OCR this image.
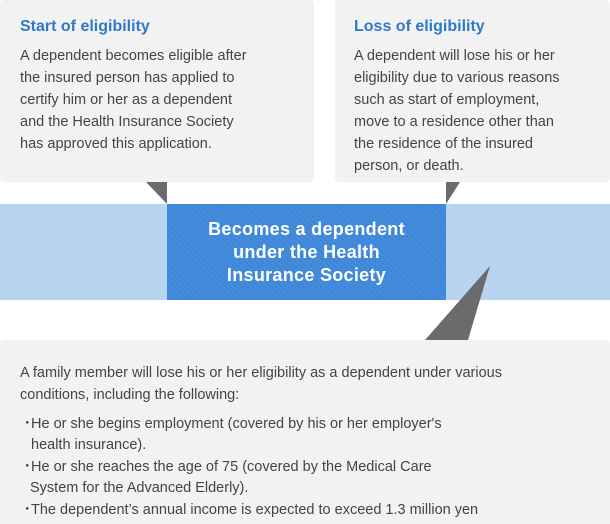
Start of eligibility
A dependent becomes eligible after
the insured person has applied to
certify him or her as a dependent
and the Health Insurance Society
has approved this application.
Loss of eligibility
A dependent will lose his or her
eligibility due to various reasons
such as start of employment,
move to a residence other than
the residence of the insured
person, or death.
Becomes a dependent
under the Health
Insurance Society
A family member will lose his or her eligibility as a dependent under various
conditions, including the following:
・
He or she begins employment (covered by his or her employer's
health insurance).
・
He or she reaches the age of 75 (covered by the Medical Care
System for the Advanced Elderly).
・
The dependent’s annual income is expected to exceed 1.3 million yen
